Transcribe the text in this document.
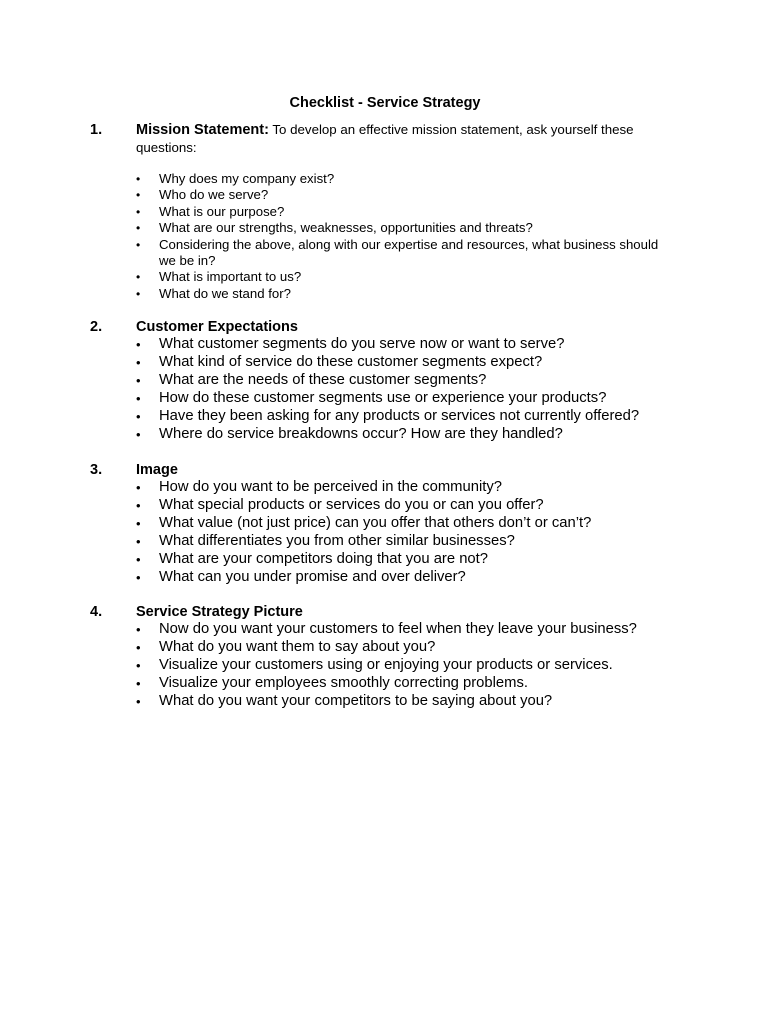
Checklist - Service Strategy
1. Mission Statement: To develop an effective mission statement, ask yourself these questions:
• Why does my company exist?
• Who do we serve?
• What is our purpose?
• What are our strengths, weaknesses, opportunities and threats?
• Considering the above, along with our expertise and resources, what business should we be in?
• What is important to us?
• What do we stand for?
2. Customer Expectations
• What customer segments do you serve now or want to serve?
• What kind of service do these customer segments expect?
• What are the needs of these customer segments?
• How do these customer segments use or experience your products?
• Have they been asking for any products or services not currently offered?
• Where do service breakdowns occur? How are they handled?
3. Image
• How do you want to be perceived in the community?
• What special products or services do you or can you offer?
• What value (not just price) can you offer that others don’t or can’t?
• What differentiates you from other similar businesses?
• What are your competitors doing that you are not?
• What can you under promise and over deliver?
4. Service Strategy Picture
• Now do you want your customers to feel when they leave your business?
• What do you want them to say about you?
• Visualize your customers using or enjoying your products or services.
• Visualize your employees smoothly correcting problems.
• What do you want your competitors to be saying about you?
